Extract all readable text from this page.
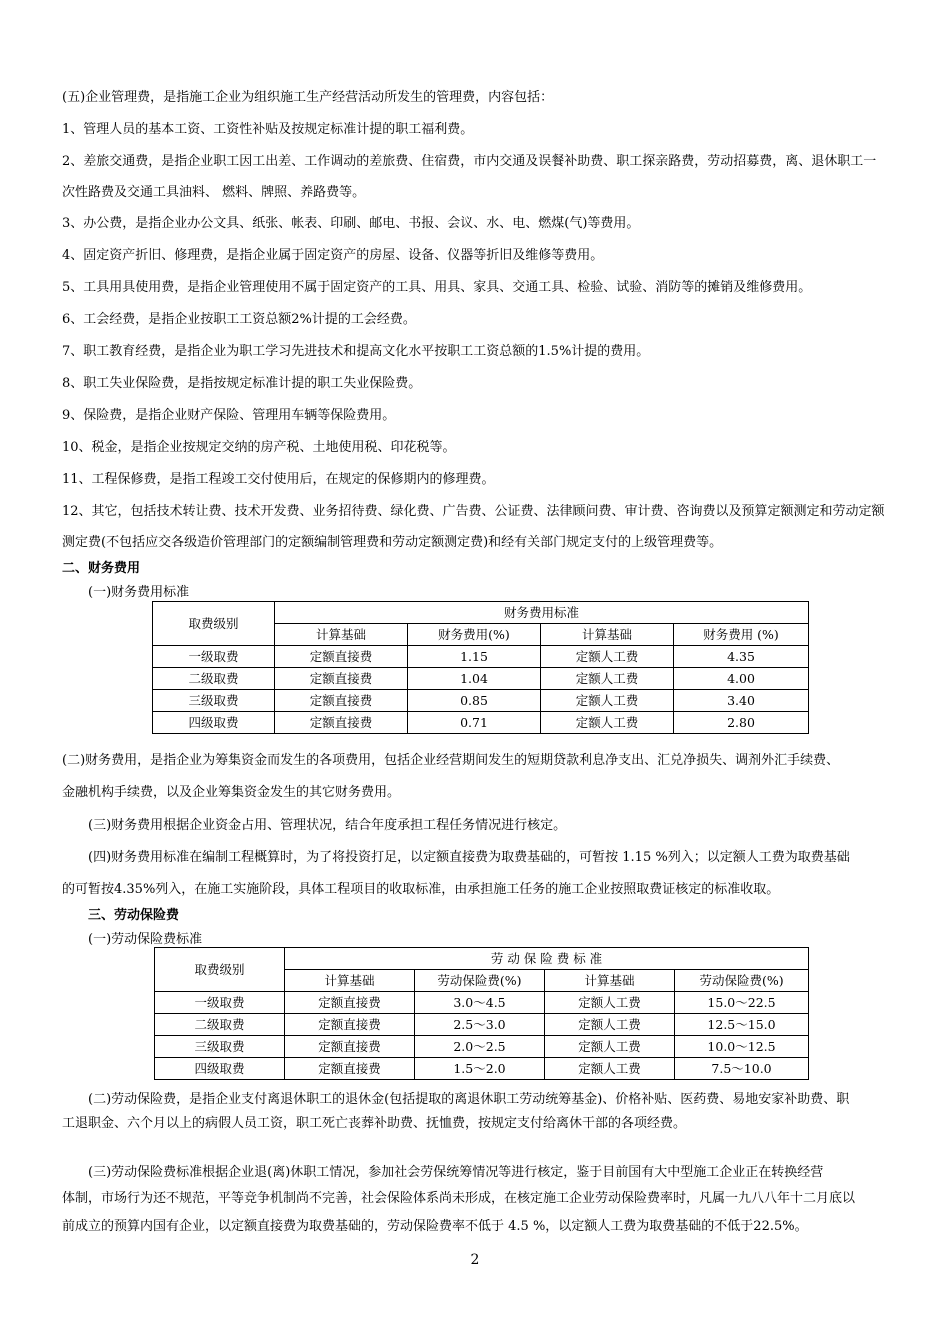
(五)企业管理费，是指施工企业为组织施工生产经营活动所发生的管理费，内容包括：
1、管理人员的基本工资、工资性补贴及按规定标准计提的职工福利费。
2、差旅交通费，是指企业职工因工出差、工作调动的差旅费、住宿费，市内交通及误餐补助费、职工探亲路费，劳动招募费，离、退休职工一
次性路费及交通工具油料、 燃料、牌照、养路费等。
3、办公费，是指企业办公文具、纸张、帐表、印刷、邮电、书报、会议、水、电、燃煤(气)等费用。
4、固定资产折旧、修理费，是指企业属于固定资产的房屋、设备、仪器等折旧及维修等费用。
5、工具用具使用费，是指企业管理使用不属于固定资产的工具、用具、家具、交通工具、检验、试验、消防等的摊销及维修费用。
6、工会经费，是指企业按职工工资总额2%计提的工会经费。
7、职工教育经费，是指企业为职工学习先进技术和提高文化水平按职工工资总额的1.5%计提的费用。
8、职工失业保险费，是指按规定标准计提的职工失业保险费。
9、保险费，是指企业财产保险、管理用车辆等保险费用。
10、税金，是指企业按规定交纳的房产税、土地使用税、印花税等。
11、工程保修费，是指工程竣工交付使用后，在规定的保修期内的修理费。
12、其它，包括技术转让费、技术开发费、业务招待费、绿化费、广告费、公证费、法律顾问费、审计费、咨询费以及预算定额测定和劳动定额
测定费(不包括应交各级造价管理部门的定额编制管理费和劳动定额测定费)和经有关部门规定支付的上级管理费等。
二、财务费用
(一)财务费用标准
取费级别	财务费用标准			
	计算基础	财务费用(%)	计算基础	财务费用 (%)
一级取费	定额直接费	1.15	定额人工费	4.35
二级取费	定额直接费	1.04	定额人工费	4.00
三级取费	定额直接费	0.85	定额人工费	3.40
四级取费	定额直接费	0.71	定额人工费	2.80
(二)财务费用，是指企业为筹集资金而发生的各项费用，包括企业经营期间发生的短期贷款利息净支出、汇兑净损失、调剂外汇手续费、
金融机构手续费，以及企业筹集资金发生的其它财务费用。
(三)财务费用根据企业资金占用、管理状况，结合年度承担工程任务情况进行核定。
(四)财务费用标准在编制工程概算时，为了将投资打足，以定额直接费为取费基础的，可暂按 1.15 %列入；以定额人工费为取费基础
的可暂按4.35%列入，在施工实施阶段，具体工程项目的收取标准，由承担施工任务的施工企业按照取费证核定的标准收取。
三、劳动保险费
(一)劳动保险费标准
取费级别	劳 动 保 险 费 标 准			
	计算基础	劳动保险费(%)	计算基础	劳动保险费(%)
一级取费	定额直接费	3.0～4.5	定额人工费	15.0～22.5
二级取费	定额直接费	2.5～3.0	定额人工费	12.5～15.0
三级取费	定额直接费	2.0～2.5	定额人工费	10.0～12.5
四级取费	定额直接费	1.5～2.0	定额人工费	7.5～10.0
(二)劳动保险费，是指企业支付离退休职工的退休金(包括提取的离退休职工劳动统筹基金)、价格补贴、医药费、易地安家补助费、职
工退职金、六个月以上的病假人员工资，职工死亡丧葬补助费、抚恤费，按规定支付给离休干部的各项经费。
(三)劳动保险费标准根据企业退(离)休职工情况，参加社会劳保统筹情况等进行核定，鉴于目前国有大中型施工企业正在转换经营
体制，市场行为还不规范，平等竞争机制尚不完善，社会保险体系尚未形成，在核定施工企业劳动保险费率时，凡属一九八八年十二月底以
前成立的预算内国有企业，以定额直接费为取费基础的，劳动保险费率不低于 4.5 %，以定额人工费为取费基础的不低于22.5%。
2
